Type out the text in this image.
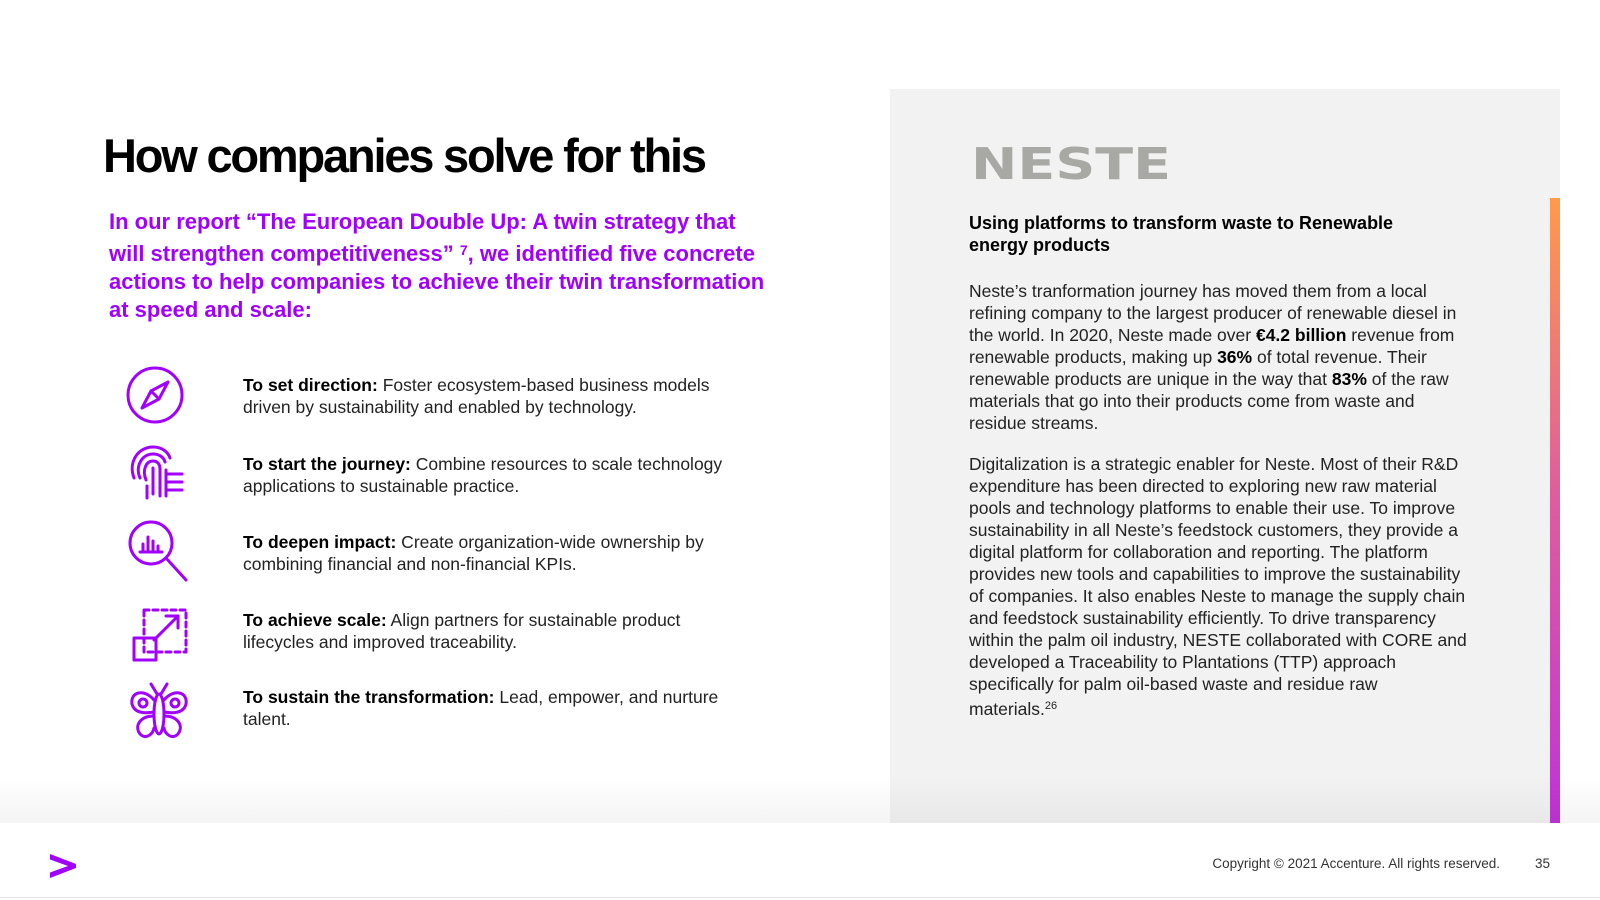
How companies solve for this

In our report “The European Double Up: A twin strategy that will strengthen competitiveness” $^7$, we identified five concrete actions to help companies to achieve their twin transformation at speed and scale:

To set direction: Foster ecosystem-based business models driven by sustainability and enabled by technology.

To start the journey: Combine resources to scale technology applications to sustainable practice.

To deepen impact: Create organization-wide ownership by combining financial and non-financial KPIs.

To achieve scale: Align partners for sustainable product lifecycles and improved traceability.

To sustain the transformation: Lead, empower, and nurture talent.

NESTE
Using platforms to transform waste to Renewable energy products

Neste’s tranformation journey has moved them from a local refining company to the largest producer of renewable diesel in the world. In 2020, Neste made over €4.2 billion revenue from renewable products, making up 36% of total revenue. Their renewable products are unique in the way that 83% of the raw materials that go into their products come from waste and residue streams.

Digitalization is a strategic enabler for Neste. Most of their R&D expenditure has been directed to exploring new raw material pools and technology platforms to enable their use. To improve sustainability in all Neste’s feedstock customers, they provide a digital platform for collaboration and reporting. The platform provides new tools and capabilities to improve the sustainability of companies. It also enables Neste to manage the supply chain and feedstock sustainability efficiently. To drive transparency within the palm oil industry, NESTE collaborated with CORE and developed a Traceability to Plantations (TTP) approach specifically for palm oil-based waste and residue raw materials.$^{26}$

Copyright © 2021 Accenture. All rights reserved.	35
